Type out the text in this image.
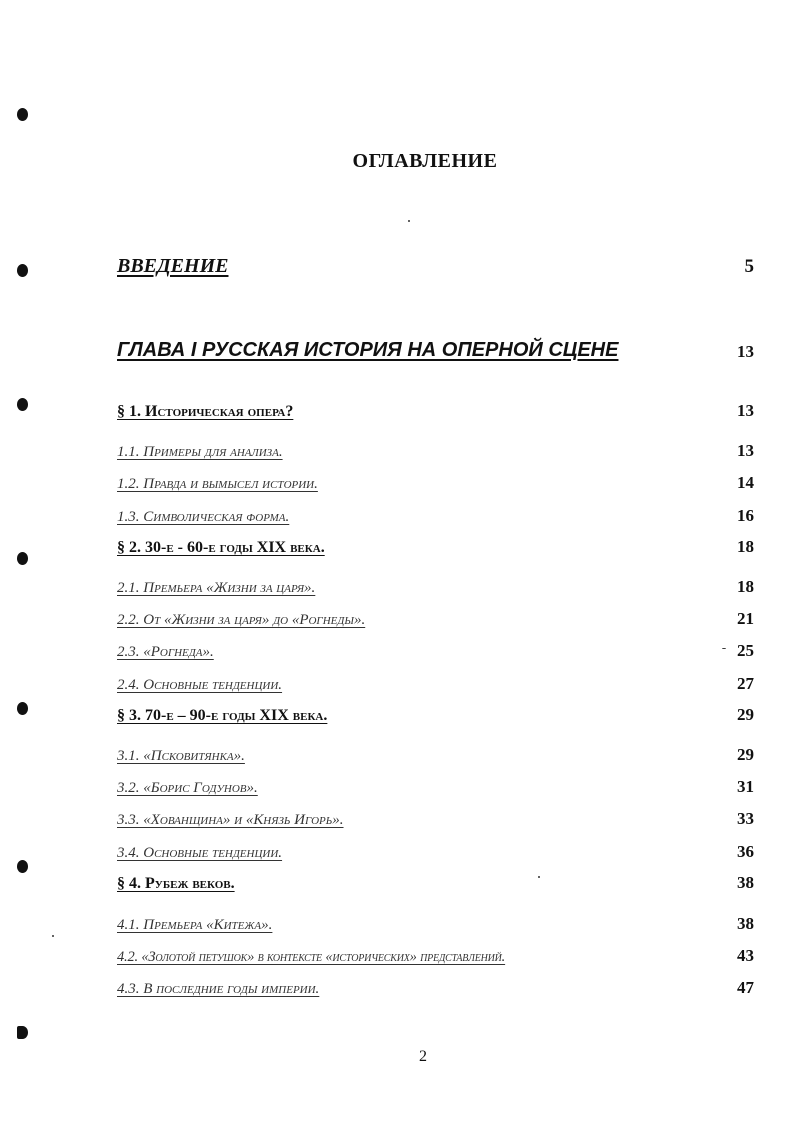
ОГЛАВЛЕНИЕ
ВВЕДЕНИЕ	5
ГЛАВА I РУССКАЯ ИСТОРИЯ НА ОПЕРНОЙ СЦЕНЕ	13
§ 1. Историческая опера?	13
1.1. Примеры для анализа.	13
1.2. Правда и вымысел истории.	14
1.3. Символическая форма.	16
§ 2. 30-е - 60-е годы XIX века.	18
2.1. Премьера «Жизни за царя».	18
2.2. От «Жизни за царя» до «Рогнеды».	21
2.3. «Рогнеда».	25
2.4. Основные тенденции.	27
§ 3. 70-е – 90-е годы XIX века.	29
3.1. «Псковитянка».	29
3.2. «Борис Годунов».	31
3.3. «Хованщина» и «Князь Игорь».	33
3.4. Основные тенденции.	36
§ 4. Рубеж веков.	38
4.1. Премьера «Китежа».	38
4.2. «Золотой петушок» в контексте «исторических» представлений.	43
4.3. В последние годы империи.	47
2
